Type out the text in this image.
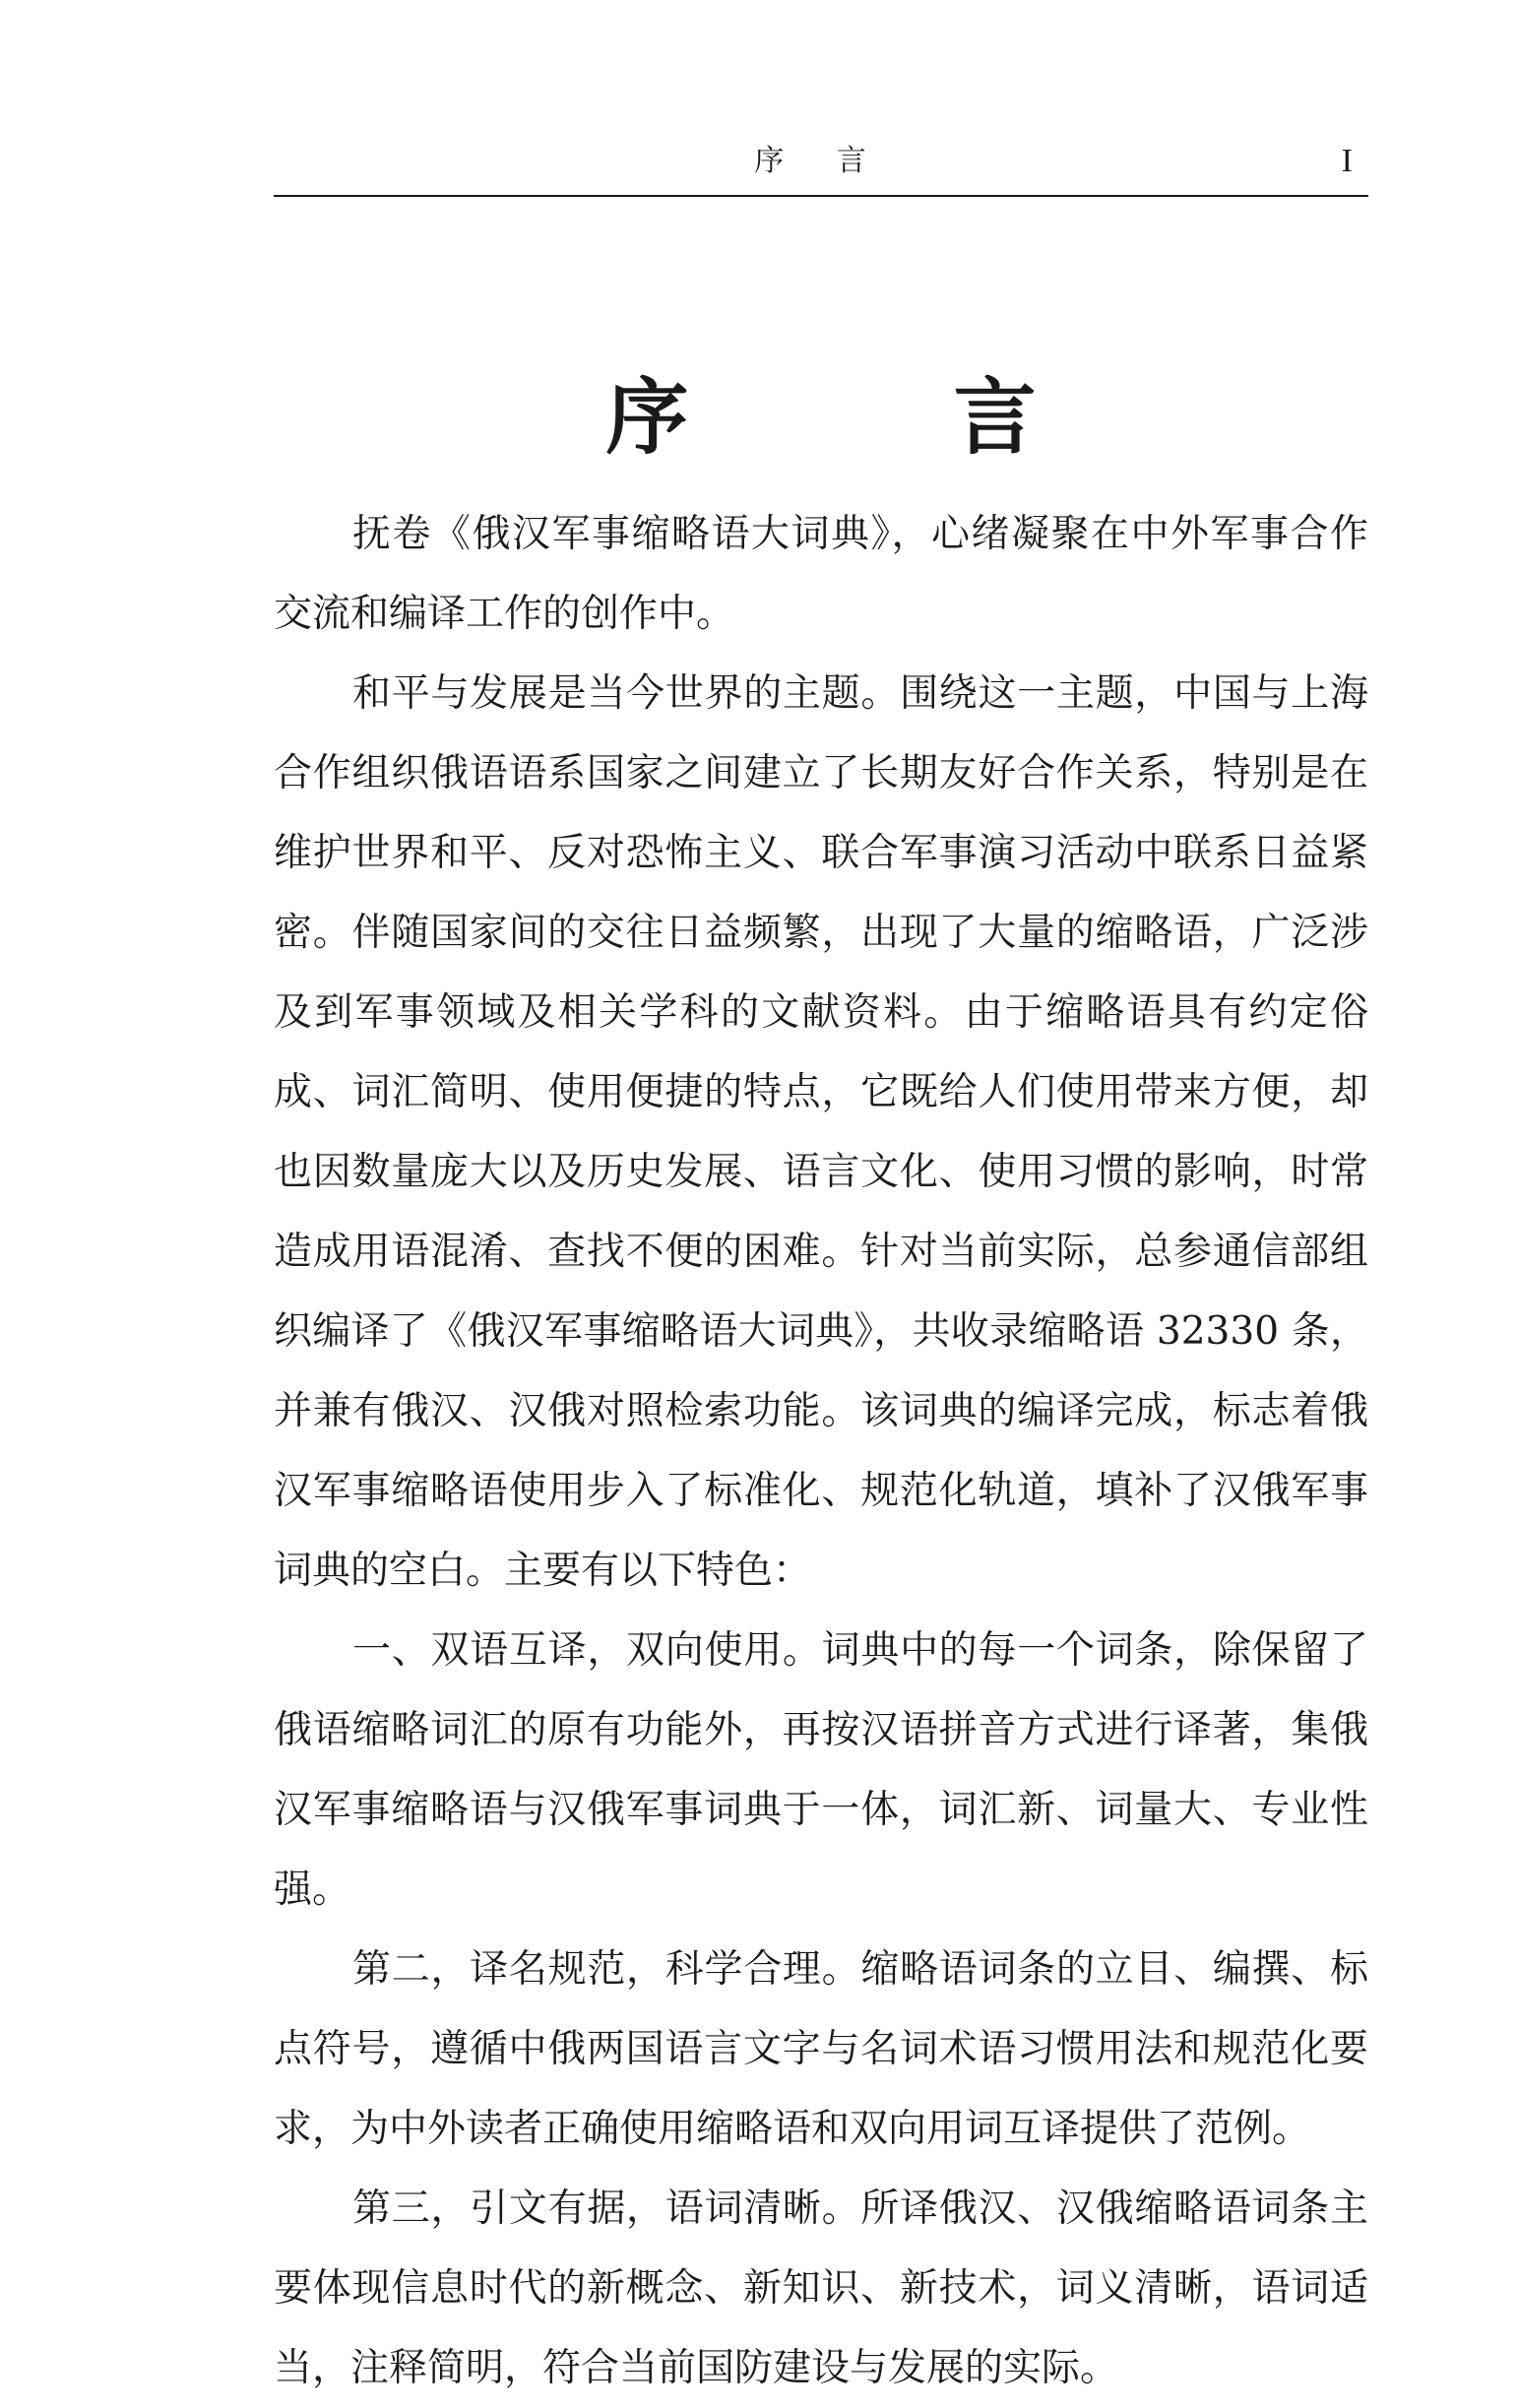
序 言	I
序 言

抚卷《俄汉军事缩略语大词典》，心绪凝聚在中外军事合作交流和编译工作的创作中。

和平与发展是当今世界的主题。围绕这一主题，中国与上海合作组织俄语语系国家之间建立了长期友好合作关系，特别是在维护世界和平、反对恐怖主义、联合军事演习活动中联系日益紧密。伴随国家间的交往日益频繁，出现了大量的缩略语，广泛涉及到军事领域及相关学科的文献资料。由于缩略语具有约定俗成、词汇简明、使用便捷的特点，它既给人们使用带来方便，却也因数量庞大以及历史发展、语言文化、使用习惯的影响，时常造成用语混淆、查找不便的困难。针对当前实际，总参通信部组织编译了《俄汉军事缩略语大词典》，共收录缩略语 32330 条，并兼有俄汉、汉俄对照检索功能。该词典的编译完成，标志着俄汉军事缩略语使用步入了标准化、规范化轨道，填补了汉俄军事词典的空白。主要有以下特色：

一、双语互译，双向使用。词典中的每一个词条，除保留了俄语缩略词汇的原有功能外，再按汉语拼音方式进行译著，集俄汉军事缩略语与汉俄军事词典于一体，词汇新、词量大、专业性强。

第二，译名规范，科学合理。缩略语词条的立目、编撰、标点符号，遵循中俄两国语言文字与名词术语习惯用法和规范化要求，为中外读者正确使用缩略语和双向用词互译提供了范例。

第三，引文有据，语词清晰。所译俄汉、汉俄缩略语词条主要体现信息时代的新概念、新知识、新技术，词义清晰，语词适当，注释简明，符合当前国防建设与发展的实际。
